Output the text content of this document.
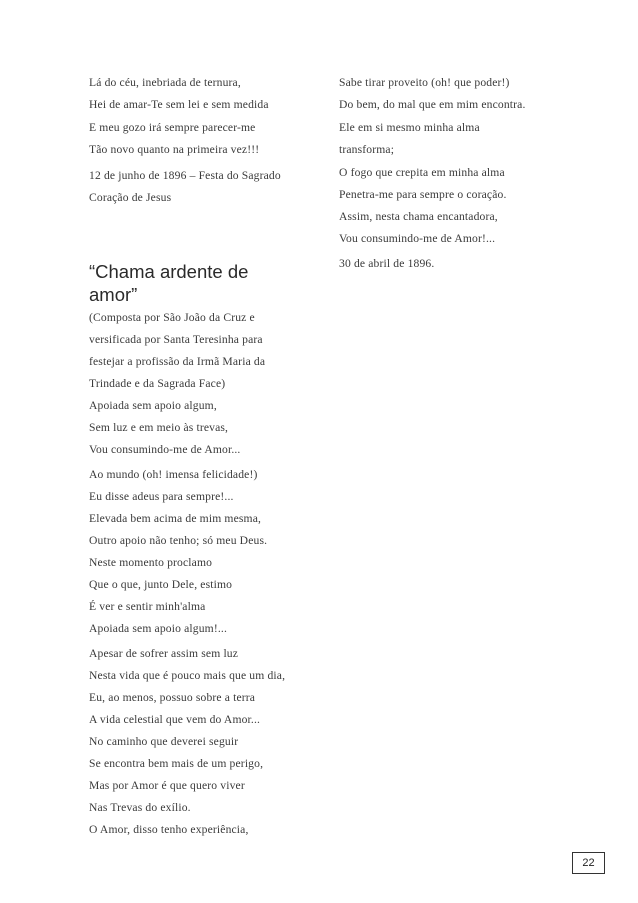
Lá do céu, inebriada de ternura,
Hei de amar-Te sem lei e sem medida
E meu gozo irá sempre parecer-me
Tão novo quanto na primeira vez!!!
12 de junho de 1896 – Festa do Sagrado
Coração de Jesus
“Chama ardente de
amor”
(Composta por São João da Cruz e
versificada por Santa Teresinha para
festejar a profissão da Irmã Maria da
Trindade e da Sagrada Face)
Apoiada sem apoio algum,
Sem luz e em meio às trevas,
Vou consumindo-me de Amor...
Ao mundo (oh! imensa felicidade!)
Eu disse adeus para sempre!...
Elevada bem acima de mim mesma,
Outro apoio não tenho; só meu Deus.
Neste momento proclamo
Que o que, junto Dele, estimo
É ver e sentir minh'alma
Apoiada sem apoio algum!...
Apesar de sofrer assim sem luz
Nesta vida que é pouco mais que um dia,
Eu, ao menos, possuo sobre a terra
A vida celestial que vem do Amor...
No caminho que deverei seguir
Se encontra bem mais de um perigo,
Mas por Amor é que quero viver
Nas Trevas do exílio.
O Amor, disso tenho experiência,
Sabe tirar proveito (oh! que poder!)
Do bem, do mal que em mim encontra.
Ele em si mesmo minha alma
transforma;
O fogo que crepita em minha alma
Penetra-me para sempre o coração.
Assim, nesta chama encantadora,
Vou consumindo-me de Amor!...
30 de abril de 1896.
22
